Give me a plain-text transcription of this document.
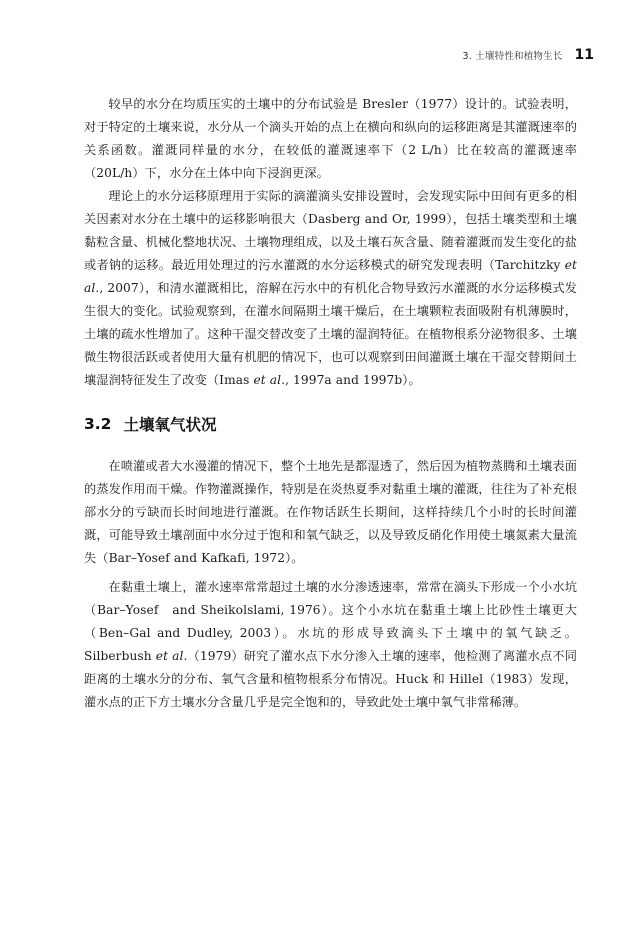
3. 土壤特性和植物生长 11

较早的水分在均质压实的土壤中的分布试验是 Bresler（1977）设计的。试验表明，对于特定的土壤来说，水分从一个滴头开始的点上在横向和纵向的运移距离是其灌溉速率的关系函数。灌溉同样量的水分，在较低的灌溉速率下（2 L/h）比在较高的灌溉速率（20L/h）下，水分在土体中向下浸润更深。

理论上的水分运移原理用于实际的滴灌滴头安排设置时，会发现实际中田间有更多的相关因素对水分在土壤中的运移影响很大（Dasberg and Or, 1999），包括土壤类型和土壤黏粒含量、机械化整地状况、土壤物理组成，以及土壤石灰含量、随着灌溉而发生变化的盐或者钠的运移。最近用处理过的污水灌溉的水分运移模式的研究发现表明（Tarchitzky et al., 2007），和清水灌溉相比，溶解在污水中的有机化合物导致污水灌溉的水分运移模式发生很大的变化。试验观察到，在灌水间隔期土壤干燥后，在土壤颗粒表面吸附有机薄膜时，土壤的疏水性增加了。这种干湿交替改变了土壤的湿润特征。在植物根系分泌物很多、土壤微生物很活跃或者使用大量有机肥的情况下，也可以观察到田间灌溉土壤在干湿交替期间土壤湿润特征发生了改变（Imas et al., 1997a and 1997b）。

3.2 土壤氧气状况

在喷灌或者大水漫灌的情况下，整个土地先是都湿透了，然后因为植物蒸腾和土壤表面的蒸发作用而干燥。作物灌溉操作，特别是在炎热夏季对黏重土壤的灌溉，往往为了补充根部水分的亏缺而长时间地进行灌溉。在作物话跃生长期间，这样持续几个小时的长时间灌溉，可能导致土壤剖面中水分过于饱和和氧气缺乏，以及导致反硝化作用使土壤氮素大量流失（Bar–Yosef and Kafkafi, 1972）。

在黏重土壤上，灌水速率常常超过土壤的水分渗透速率，常常在滴头下形成一个小水坑（Bar–Yosef　and Sheikolslami, 1976）。这个小水坑在黏重土壤上比砂性土壤更大（Ben–Gal and Dudley, 2003）。水坑的形成导致滴头下土壤中的氧气缺乏。Silberbush et al.（1979）研究了灌水点下水分渗入土壤的速率，他检测了离灌水点不同距离的土壤水分的分布、氧气含量和植物根系分布情况。Huck 和 Hillel（1983）发现，灌水点的正下方土壤水分含量几乎是完全饱和的，导致此处土壤中氧气非常稀薄。
